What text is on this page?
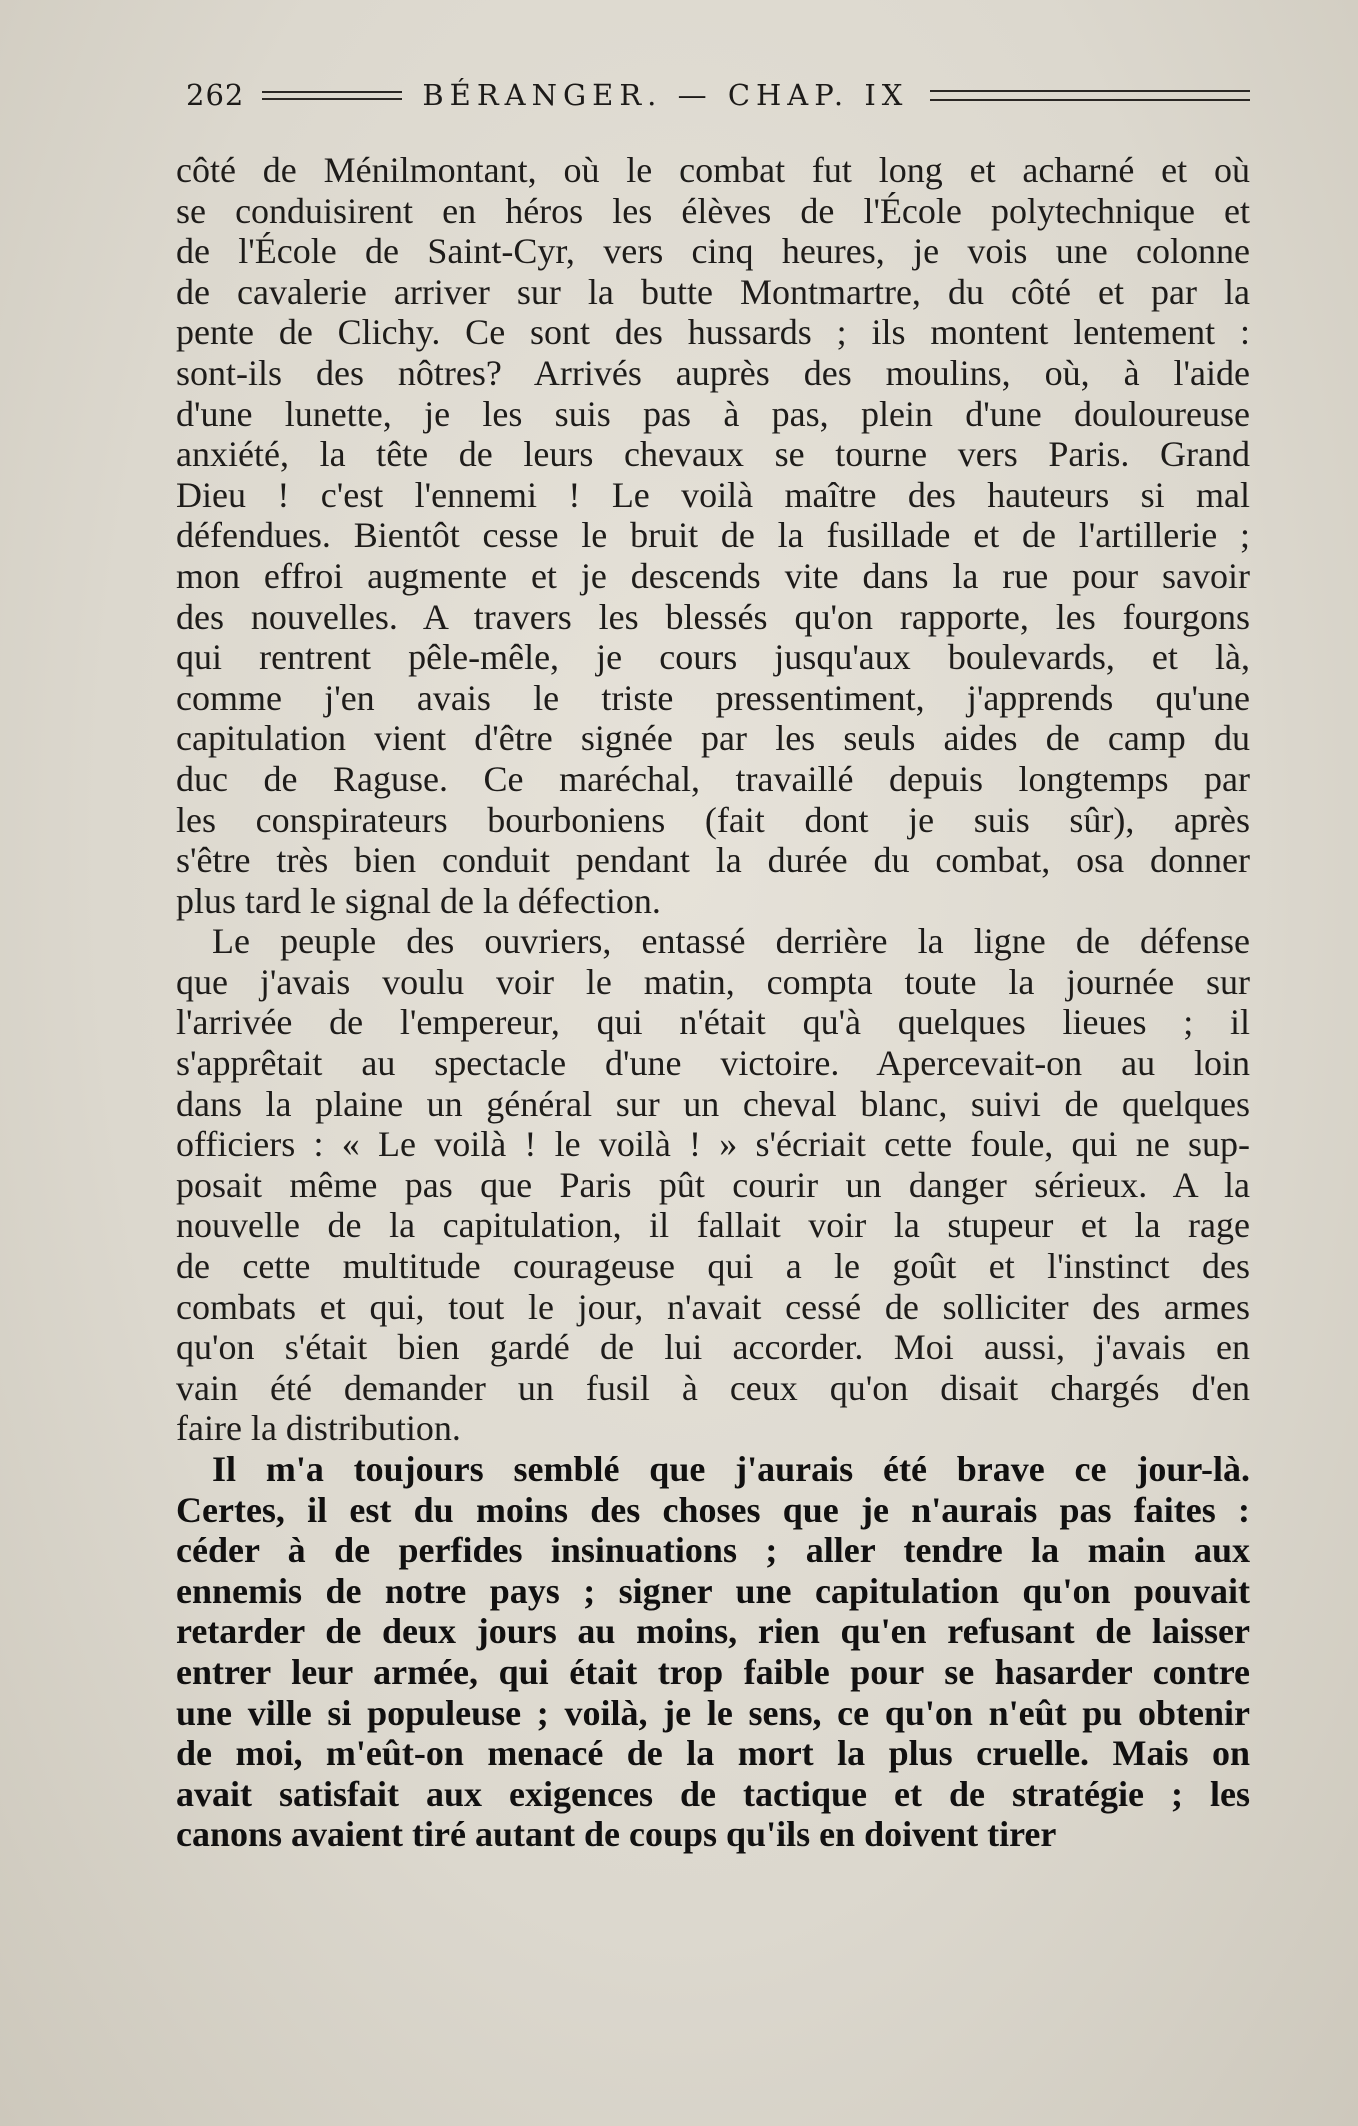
262	BÉRANGER. — CHAP. IX
côté de Ménilmontant, où le combat fut long et acharné et où
se conduisirent en héros les élèves de l'École polytechnique et
de l'École de Saint-Cyr, vers cinq heures, je vois une colonne
de cavalerie arriver sur la butte Montmartre, du côté et par la
pente de Clichy. Ce sont des hussards ; ils montent lentement :
sont-ils des nôtres? Arrivés auprès des moulins, où, à l'aide
d'une lunette, je les suis pas à pas, plein d'une douloureuse
anxiété, la tête de leurs chevaux se tourne vers Paris. Grand
Dieu ! c'est l'ennemi ! Le voilà maître des hauteurs si mal
défendues. Bientôt cesse le bruit de la fusillade et de l'artillerie ;
mon effroi augmente et je descends vite dans la rue pour savoir
des nouvelles. A travers les blessés qu'on rapporte, les fourgons
qui rentrent pêle-mêle, je cours jusqu'aux boulevards, et là,
comme j'en avais le triste pressentiment, j'apprends qu'une
capitulation vient d'être signée par les seuls aides de camp du
duc de Raguse. Ce maréchal, travaillé depuis longtemps par
les conspirateurs bourboniens (fait dont je suis sûr), après
s'être très bien conduit pendant la durée du combat, osa donner
plus tard le signal de la défection.
Le peuple des ouvriers, entassé derrière la ligne de défense
que j'avais voulu voir le matin, compta toute la journée sur
l'arrivée de l'empereur, qui n'était qu'à quelques lieues ; il
s'apprêtait au spectacle d'une victoire. Apercevait-on au loin
dans la plaine un général sur un cheval blanc, suivi de quelques
officiers : « Le voilà ! le voilà ! » s'écriait cette foule, qui ne sup-
posait même pas que Paris pût courir un danger sérieux. A la
nouvelle de la capitulation, il fallait voir la stupeur et la rage
de cette multitude courageuse qui a le goût et l'instinct des
combats et qui, tout le jour, n'avait cessé de solliciter des armes
qu'on s'était bien gardé de lui accorder. Moi aussi, j'avais en
vain été demander un fusil à ceux qu'on disait chargés d'en
faire la distribution.
Il m'a toujours semblé que j'aurais été brave ce jour-là.
Certes, il est du moins des choses que je n'aurais pas faites :
céder à de perfides insinuations ; aller tendre la main aux
ennemis de notre pays ; signer une capitulation qu'on pouvait
retarder de deux jours au moins, rien qu'en refusant de laisser
entrer leur armée, qui était trop faible pour se hasarder contre
une ville si populeuse ; voilà, je le sens, ce qu'on n'eût pu obtenir
de moi, m'eût-on menacé de la mort la plus cruelle. Mais on
avait satisfait aux exigences de tactique et de stratégie ; les
canons avaient tiré autant de coups qu'ils en doivent tirer
